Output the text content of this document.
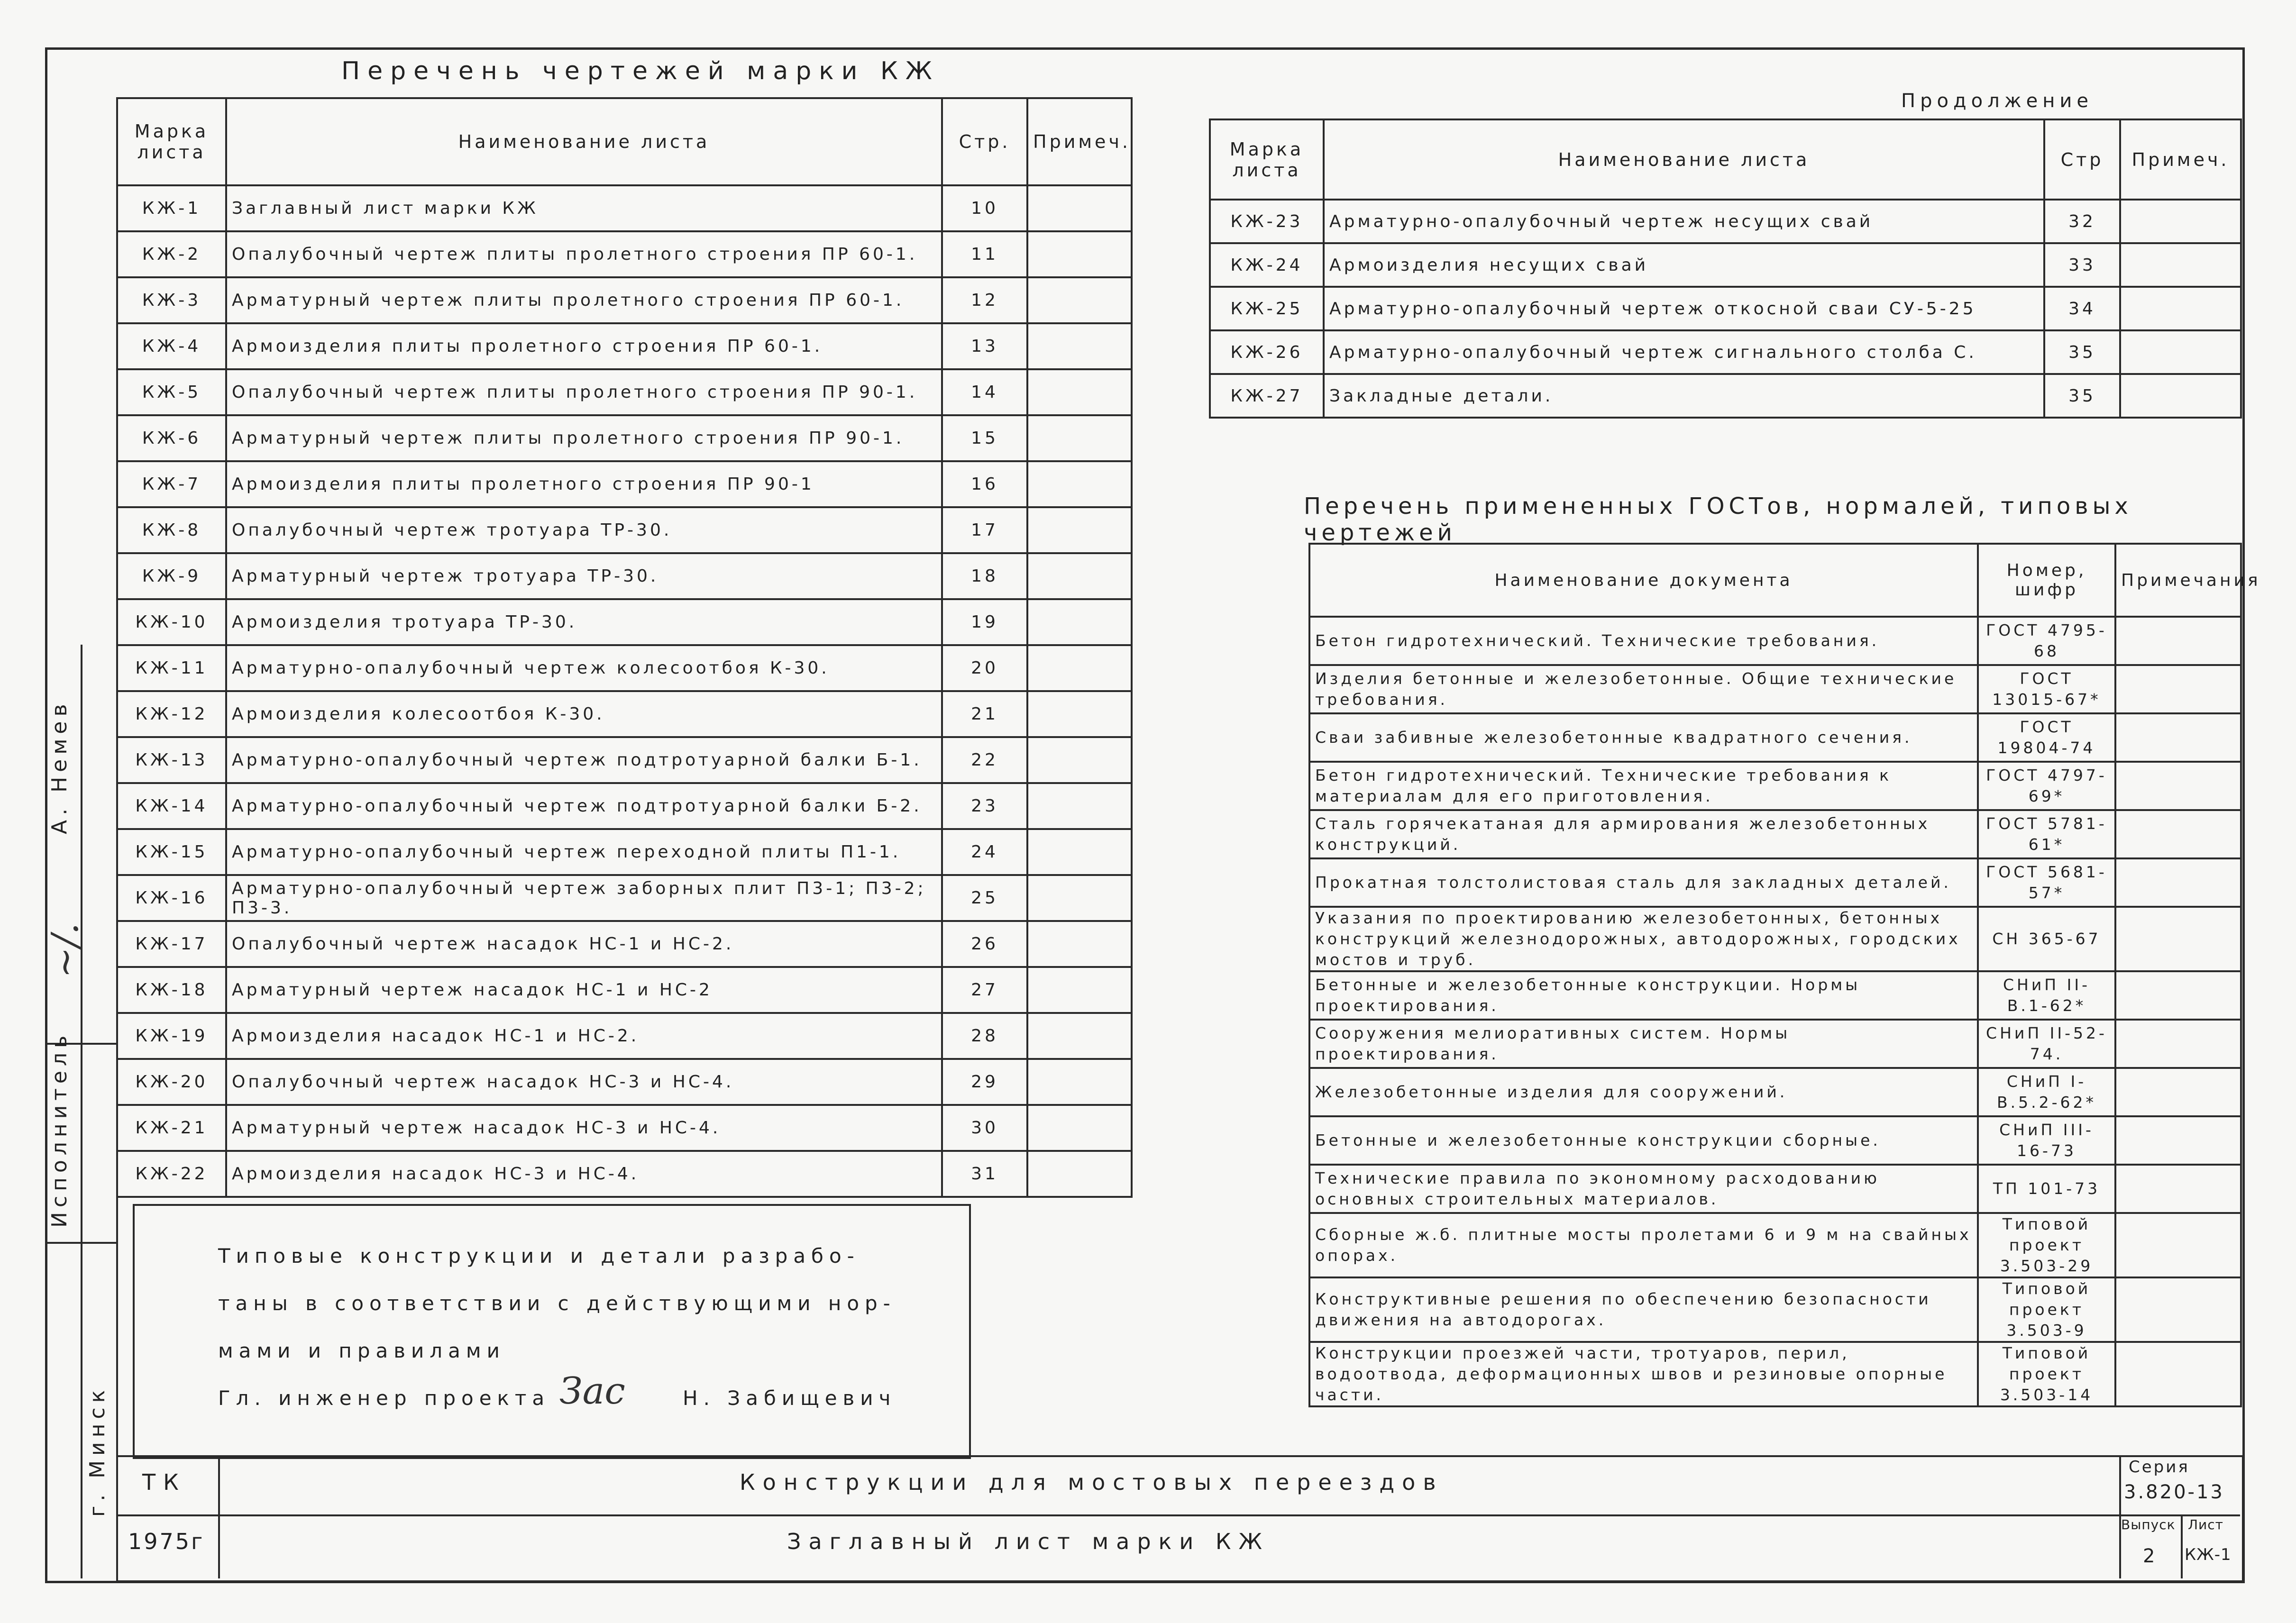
Исполнитель
А. Немев
г. Минск
~/.
Перечень чертежей марки КЖ
Марка листа	Наименование листа	Стр.	Примеч.
КЖ-1	Заглавный лист марки КЖ	10	
КЖ-2	Опалубочный чертеж плиты пролетного строения ПР 60-1.	11	
КЖ-3	Арматурный чертеж плиты пролетного строения ПР 60-1.	12	
КЖ-4	Армоизделия плиты пролетного строения ПР 60-1.	13	
КЖ-5	Опалубочный чертеж плиты пролетного строения ПР 90-1.	14	
КЖ-6	Арматурный чертеж плиты пролетного строения ПР 90-1.	15	
КЖ-7	Армоизделия плиты пролетного строения ПР 90-1	16	
КЖ-8	Опалубочный чертеж тротуара ТР-30.	17	
КЖ-9	Арматурный чертеж тротуара ТР-30.	18	
КЖ-10	Армоизделия тротуара ТР-30.	19	
КЖ-11	Арматурно-опалубочный чертеж колесоотбоя К-30.	20	
КЖ-12	Армоизделия колесоотбоя К-30.	21	
КЖ-13	Арматурно-опалубочный чертеж подтротуарной балки Б-1.	22	
КЖ-14	Арматурно-опалубочный чертеж подтротуарной балки Б-2.	23	
КЖ-15	Арматурно-опалубочный чертеж переходной плиты П1-1.	24	
КЖ-16	Арматурно-опалубочный чертеж заборных плит П3-1; П3-2; П3-3.	25	
КЖ-17	Опалубочный чертеж насадок НС-1 и НС-2.	26	
КЖ-18	Арматурный чертеж насадок НС-1 и НС-2	27	
КЖ-19	Армоизделия насадок НС-1 и НС-2.	28	
КЖ-20	Опалубочный чертеж насадок НС-3 и НС-4.	29	
КЖ-21	Арматурный чертеж насадок НС-3 и НС-4.	30	
КЖ-22	Армоизделия насадок НС-3 и НС-4.	31	
Типовые конструкции и детали разрабо-
таны в соответствии с действующими нор-
мами и правилами
Гл. инженер проекта Зас	Н. Забищевич
Продолжение
Марка листа	Наименование листа	Стр	Примеч.
КЖ-23	Арматурно-опалубочный чертеж несущих свай	32	
КЖ-24	Армоизделия несущих свай	33	
КЖ-25	Арматурно-опалубочный чертеж откосной сваи СУ-5-25	34	
КЖ-26	Арматурно-опалубочный чертеж сигнального столба С.	35	
КЖ-27	Закладные детали.	35	
Перечень примененных ГОСТов, нормалей, типовых чертежей
Наименование документа	Номер, шифр	Примечания
Бетон гидротехнический. Технические требования.	ГОСТ 4795-68	
Изделия бетонные и железобетонные. Общие технические требования.	ГОСТ 13015-67*	
Сваи забивные железобетонные квадратного сечения.	ГОСТ 19804-74	
Бетон гидротехнический. Технические требования к материалам для его приготовления.	ГОСТ 4797-69*	
Сталь горячекатаная для армирования железобетонных конструкций.	ГОСТ 5781-61*	
Прокатная толстолистовая сталь для закладных деталей.	ГОСТ 5681-57*	
Указания по проектированию железобетонных, бетонных конструкций железнодорожных, автодорожных, городских мостов и труб.	СН 365-67	
Бетонные и железобетонные конструкции. Нормы проектирования.	СНиП II-В.1-62*	
Сооружения мелиоративных систем. Нормы проектирования.	СНиП II-52-74.	
Железобетонные изделия для сооружений.	СНиП I-В.5.2-62*	
Бетонные и железобетонные конструкции сборные.	СНиП III-16-73	
Технические правила по экономному расходованию основных строительных материалов.	ТП 101-73	
Сборные ж.б. плитные мосты пролетами 6 и 9 м на свайных опорах.	Типовой проект 3.503-29	
Конструктивные решения по обеспечению безопасности движения на автодорогах.	Типовой проект 3.503-9	
Конструкции проезжей части, тротуаров, перил, водоотвода, деформационных швов и резиновые опорные части.	Типовой проект 3.503-14	
ТК
1975г
Конструкции для мостовых переездов
Заглавный лист марки КЖ
Серия
3.820-13
Выпуск
2
Лист
КЖ-1
